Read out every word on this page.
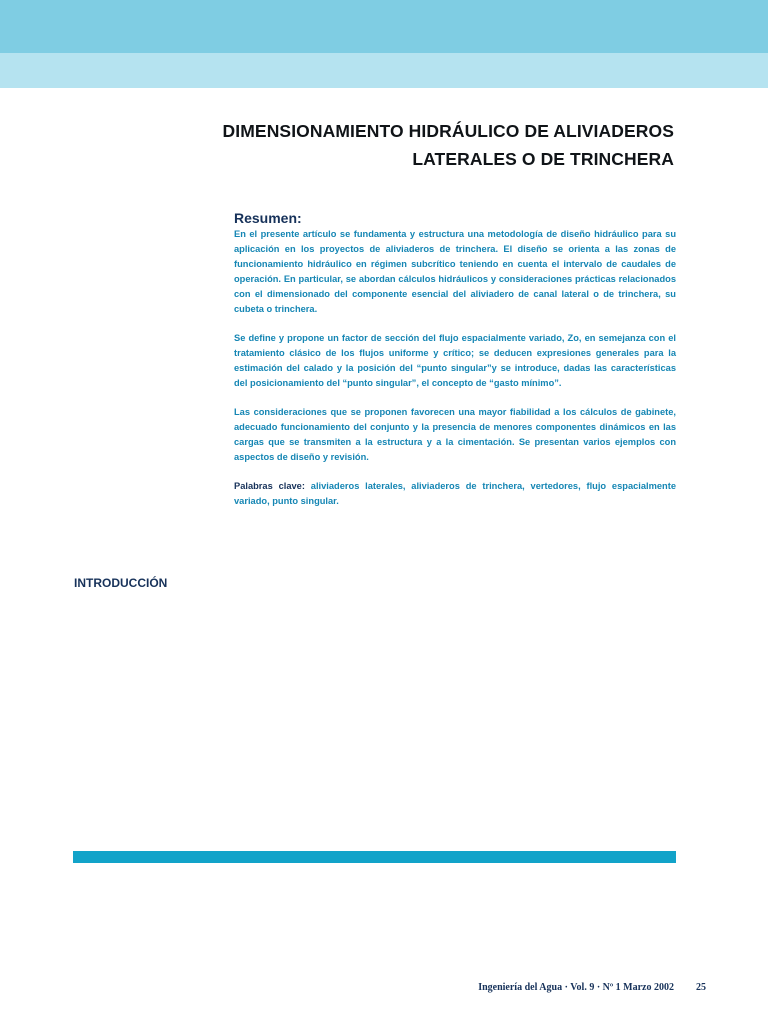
DIMENSIONAMIENTO HIDRÁULICO DE ALIVIADEROS
LATERALES O DE TRINCHERA
Resumen:

En el presente artículo se fundamenta y estructura una metodología de diseño hidráulico para su aplicación en los proyectos de aliviaderos de trinchera. El diseño se orienta a las zonas de funcionamiento hidráulico en régimen subcrítico teniendo en cuenta el intervalo de caudales de operación. En particular, se abordan cálculos hidráulicos y consideraciones prácticas relacionados con el dimensionado del componente esencial del aliviadero de canal lateral o de trinchera, su cubeta o trinchera.

Se define y propone un factor de sección del flujo espacialmente variado, Zo, en semejanza con el tratamiento clásico de los flujos uniforme y crítico; se deducen expresiones generales para la estimación del calado y la posición del “punto singular”y se introduce, dadas las características del posicionamiento del “punto singular”, el concepto de “gasto mínimo”.

Las consideraciones que se proponen favorecen una mayor fiabilidad a los cálculos de gabinete, adecuado funcionamiento del conjunto y la presencia de menores componentes dinámicos en las cargas que se transmiten a la estructura y a la cimentación. Se presentan varios ejemplos con aspectos de diseño y revisión.

Palabras clave: aliviaderos laterales, aliviaderos de trinchera, vertedores, flujo espacialmente variado, punto singular.

INTRODUCCIÓN
Ingeniería del Agua · Vol. 9 · Nº 1 Marzo 2002 25
